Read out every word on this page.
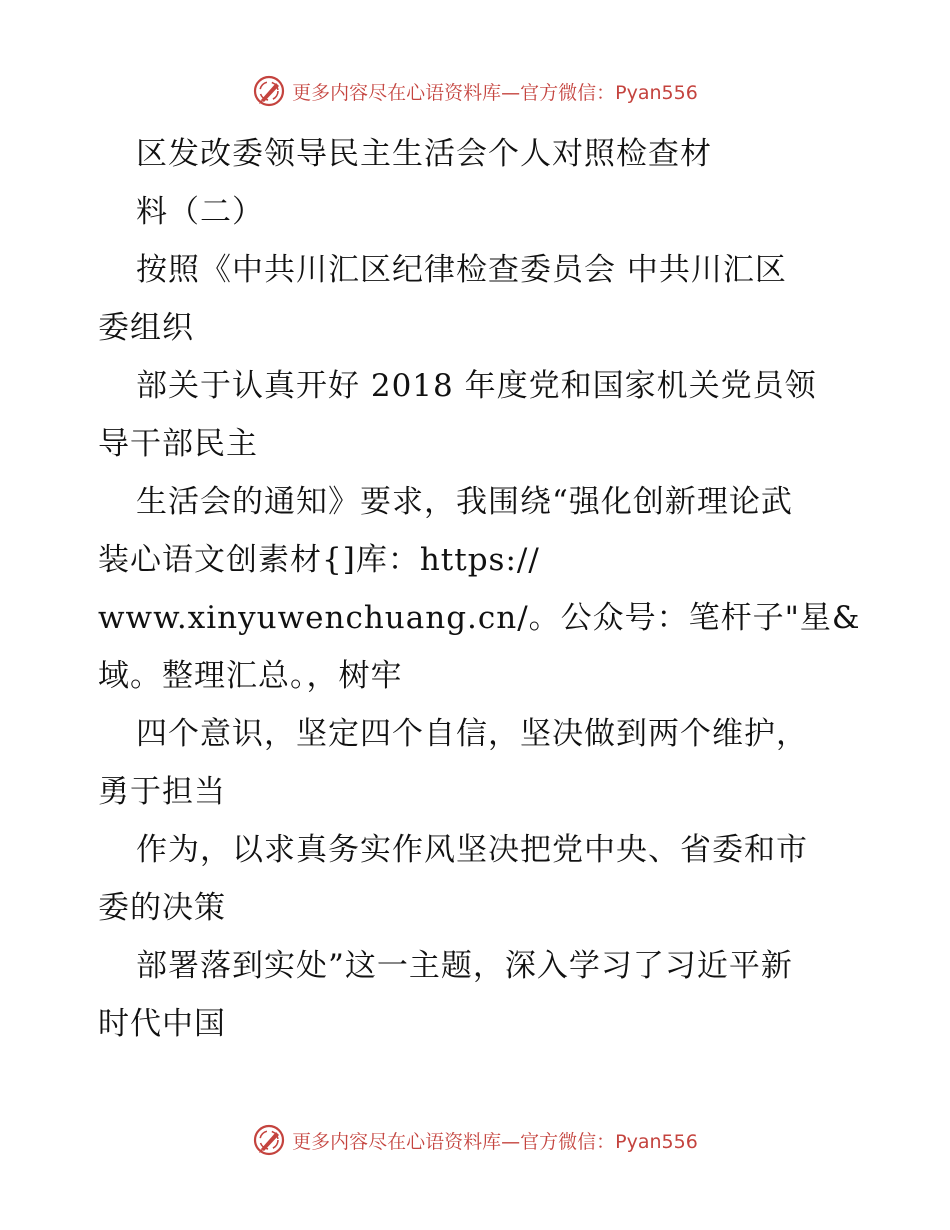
更多内容尽在心语资料库—官方微信：Pyan556
区发改委领导民主生活会个人对照检查材
料（二）
按照《中共川汇区纪律检查委员会 中共川汇区
委组织
部关于认真开好 2018 年度党和国家机关党员领
导干部民主
生活会的通知》要求，我围绕“强化创新理论武
装心语文创素材{]库：https://
www.xinyuwenchuang.cn/。公众号：笔杆子"星&
域。整理汇总。，树牢
四个意识，坚定四个自信，坚决做到两个维护，
勇于担当
作为，以求真务实作风坚决把党中央、省委和市
委的决策
部署落到实处”这一主题，深入学习了习近平新
时代中国
更多内容尽在心语资料库—官方微信：Pyan556
